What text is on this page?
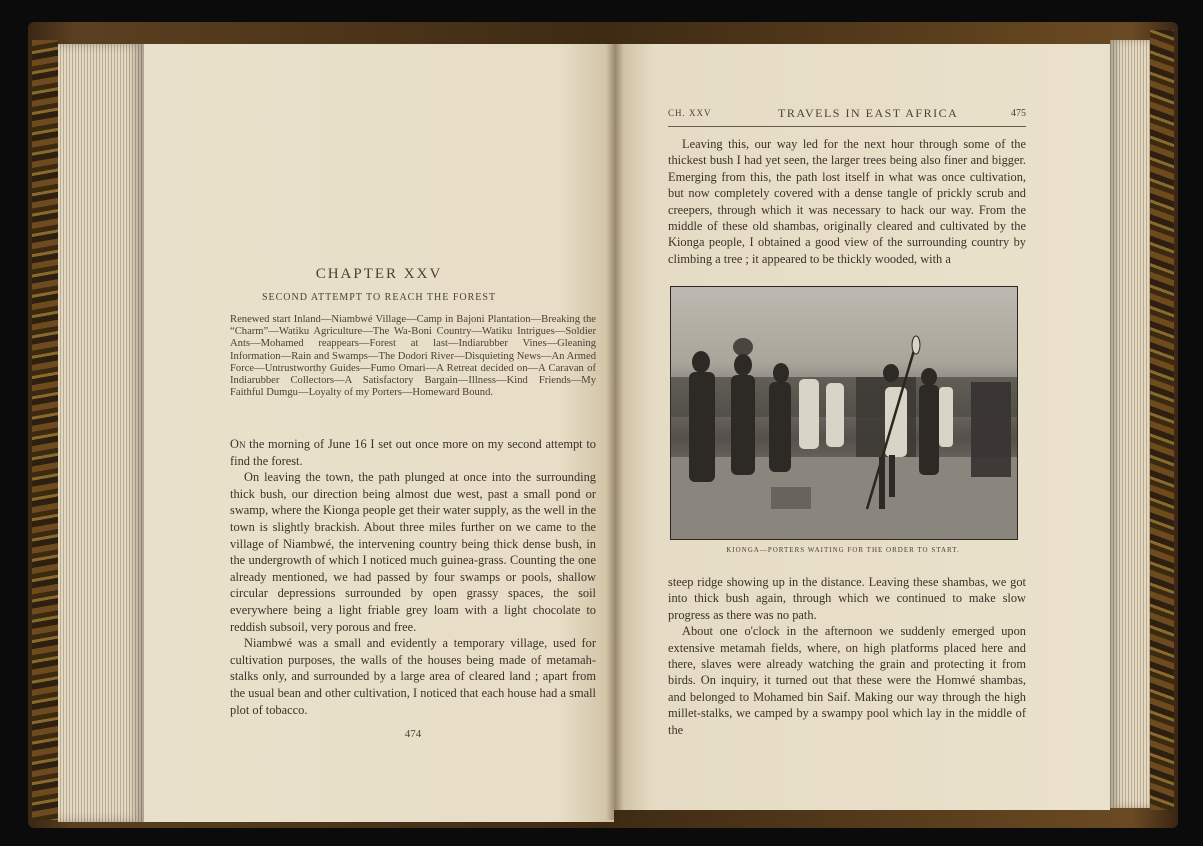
CHAPTER XXV
SECOND ATTEMPT TO REACH THE FOREST
Renewed start Inland—Niambwé Village—Camp in Bajoni Plantation—Breaking the “Charm”—Watiku Agriculture—The Wa-Boni Country—Watiku Intrigues—Soldier Ants—Mohamed reappears—Forest at last—Indiarubber Vines—Gleaning Information—Rain and Swamps—The Dodori River—Disquieting News—An Armed Force—Untrustworthy Guides—Fumo Omari—A Retreat decided on—A Caravan of Indiarubber Collectors—A Satisfactory Bargain—Illness—Kind Friends—My Faithful Dumgu—Loyalty of my Porters—Homeward Bound.

On the morning of June 16 I set out once more on my second attempt to find the forest.

On leaving the town, the path plunged at once into the surrounding thick bush, our direction being almost due west, past a small pond or swamp, where the Kionga people get their water supply, as the well in the town is slightly brackish. About three miles further on we came to the village of Niambwé, the intervening country being thick dense bush, in the undergrowth of which I noticed much guinea-grass. Counting the one already mentioned, we had passed by four swamps or pools, shallow circular depressions surrounded by open grassy spaces, the soil everywhere being a light friable grey loam with a light chocolate to reddish subsoil, very porous and free.

Niambwé was a small and evidently a temporary village, used for cultivation purposes, the walls of the houses being made of metamah-stalks only, and surrounded by a large area of cleared land ; apart from the usual bean and other cultivation, I noticed that each house had a small plot of tobacco.

474
CH. XXV	TRAVELS IN EAST AFRICA	475

Leaving this, our way led for the next hour through some of the thickest bush I had yet seen, the larger trees being also finer and bigger. Emerging from this, the path lost itself in what was once cultivation, but now completely covered with a dense tangle of prickly scrub and creepers, through which it was necessary to hack our way. From the middle of these old shambas, originally cleared and cultivated by the Kionga people, I obtained a good view of the surrounding country by climbing a tree ; it appeared to be thickly wooded, with a

KIONGA—PORTERS WAITING FOR THE ORDER TO START.

steep ridge showing up in the distance. Leaving these shambas, we got into thick bush again, through which we continued to make slow progress as there was no path.

About one o'clock in the afternoon we suddenly emerged upon extensive metamah fields, where, on high platforms placed here and there, slaves were already watching the grain and protecting it from birds. On inquiry, it turned out that these were the Homwé shambas, and belonged to Mohamed bin Saif. Making our way through the high millet-stalks, we camped by a swampy pool which lay in the middle of the
